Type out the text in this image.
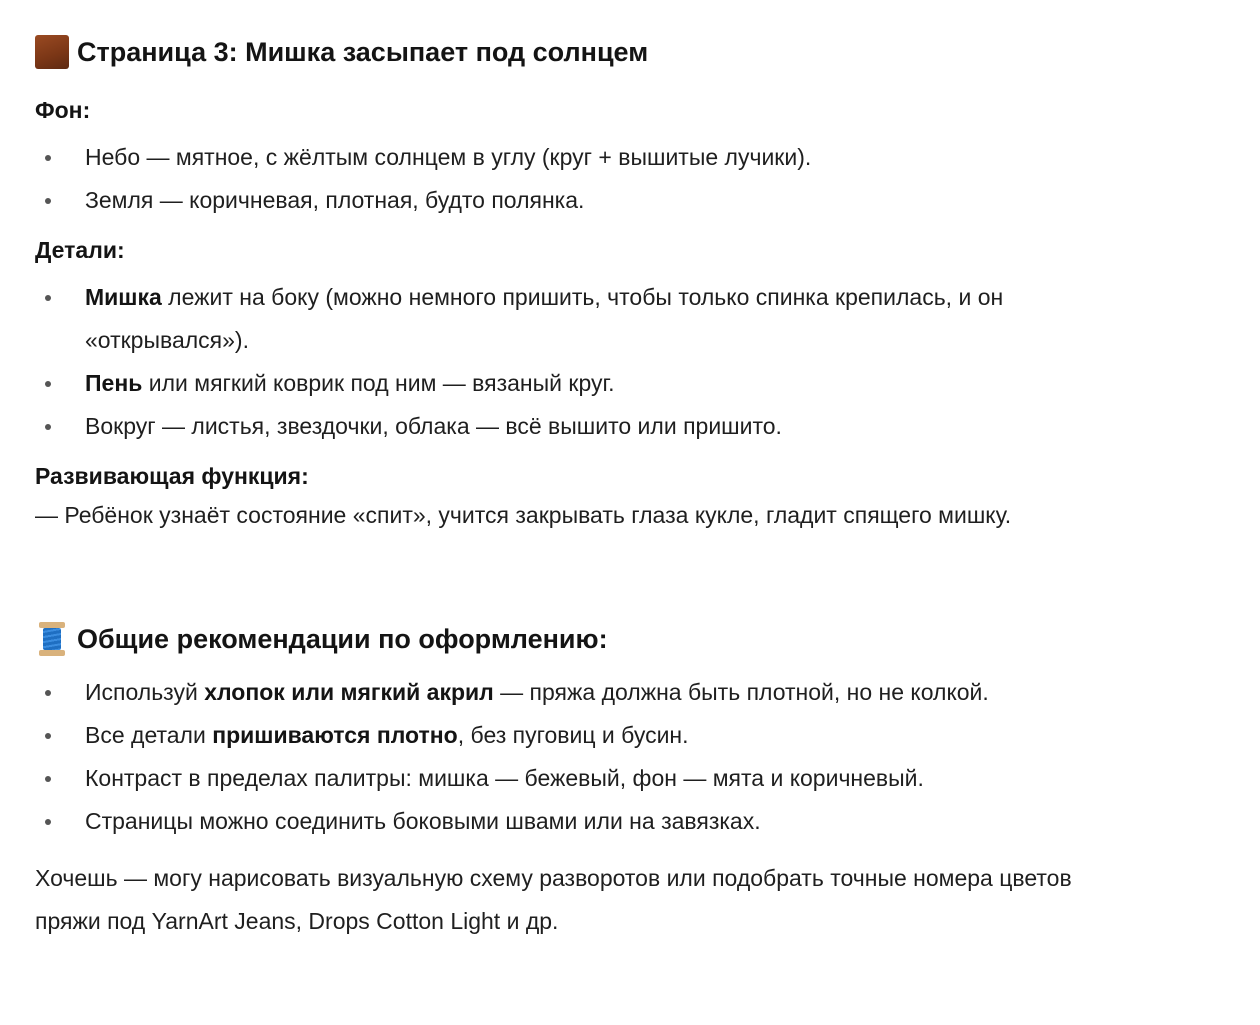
Страница 3: Мишка засыпает под солнцем
Фон:
Небо — мятное, с жёлтым солнцем в углу (круг + вышитые лучики).
Земля — коричневая, плотная, будто полянка.
Детали:
Мишка лежит на боку (можно немного пришить, чтобы только спинка крепилась, и он
«открывался»).
Пень или мягкий коврик под ним — вязаный круг.
Вокруг — листья, звездочки, облака — всё вышито или пришито.
Развивающая функция:
— Ребёнок узнаёт состояние «спит», учится закрывать глаза кукле, гладит спящего мишку.
Общие рекомендации по оформлению:
Используй хлопок или мягкий акрил — пряжа должна быть плотной, но не колкой.
Все детали пришиваются плотно, без пуговиц и бусин.
Контраст в пределах палитры: мишка — бежевый, фон — мята и коричневый.
Страницы можно соединить боковыми швами или на завязках.
Хочешь — могу нарисовать визуальную схему разворотов или подобрать точные номера цветов
пряжи под YarnArt Jeans, Drops Cotton Light и др.
